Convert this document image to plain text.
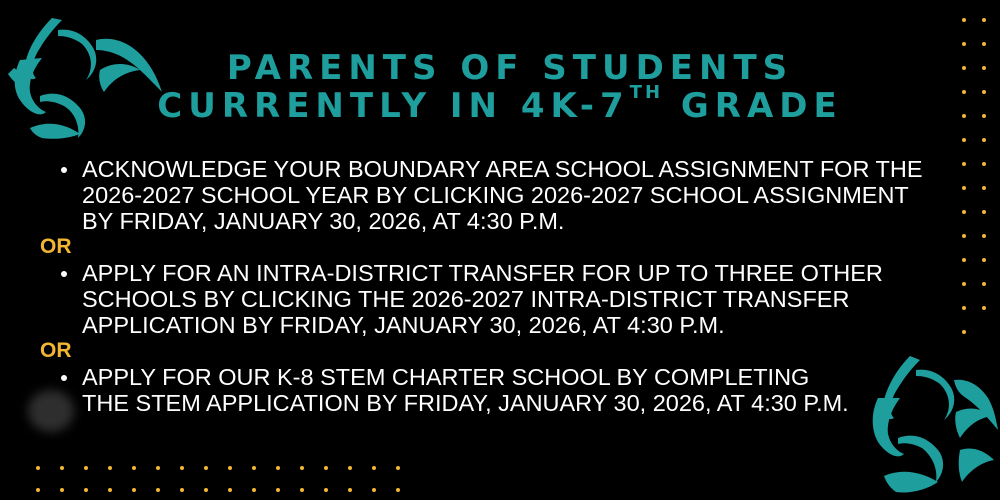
PARENTS OF STUDENTS
CURRENTLY IN 4K-7TH GRADE
ACKNOWLEDGE YOUR BOUNDARY AREA SCHOOL ASSIGNMENT FOR THE
2026-2027 SCHOOL YEAR BY CLICKING 2026-2027 SCHOOL ASSIGNMENT
BY FRIDAY, JANUARY 30, 2026, AT 4:30 P.M.
OR
APPLY FOR AN INTRA-DISTRICT TRANSFER FOR UP TO THREE OTHER
SCHOOLS BY CLICKING THE 2026-2027 INTRA-DISTRICT TRANSFER
APPLICATION BY FRIDAY, JANUARY 30, 2026, AT 4:30 P.M.
OR
APPLY FOR OUR K-8 STEM CHARTER SCHOOL BY COMPLETING
THE STEM APPLICATION BY FRIDAY, JANUARY 30, 2026, AT 4:30 P.M.
